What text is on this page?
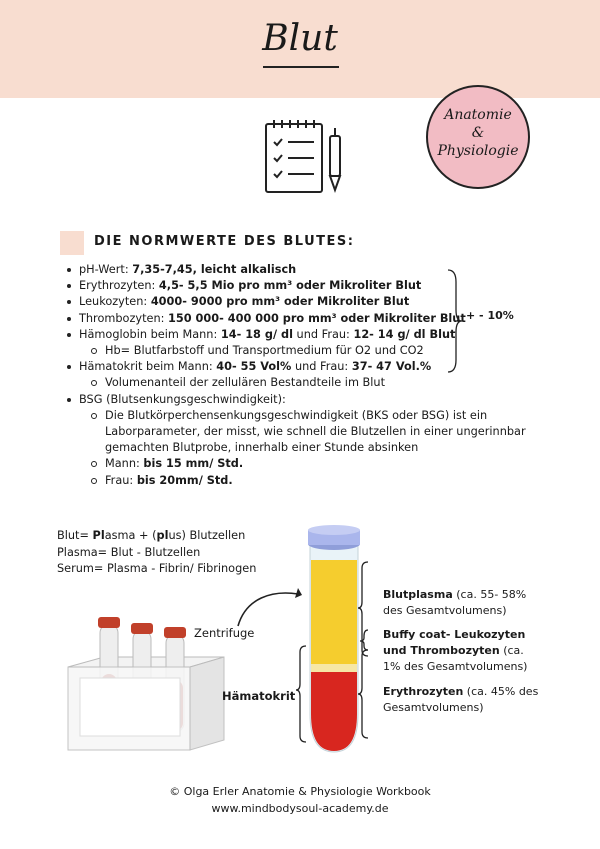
Blut
Anatomie
&
Physiologie
DIE NORMWERTE DES BLUTES:
pH-Wert: 7,35-7,45, leicht alkalisch
Erythrozyten: 4,5- 5,5 Mio pro mm³ oder Mikroliter Blut
Leukozyten: 4000- 9000 pro mm³ oder Mikroliter Blut
Thrombozyten: 150 000- 400 000 pro mm³ oder Mikroliter Blut
Hämoglobin beim Mann: 14- 18 g/ dl und Frau: 12- 14 g/ dl Blut
Hb= Blutfarbstoff und Transportmedium für O2 und CO2
Hämatokrit beim Mann: 40- 55 Vol% und Frau: 37- 47 Vol.%
Volumenanteil der zellulären Bestandteile im Blut
BSG (Blutsenkungsgeschwindigkeit):
Die Blutkörperchensenkungsgeschwindigkeit (BKS oder BSG) ist ein Laborparameter, der misst, wie schnell die Blutzellen in einer ungerinnbar gemachten Blutprobe, innerhalb einer Stunde absinken
Mann: bis 15 mm/ Std.
Frau: bis 20mm/ Std.
+ - 10%
Blut= Plasma + (plus) Blutzellen
Plasma= Blut - Blutzellen
Serum= Plasma - Fibrin/ Fibrinogen
Zentrifuge
Hämatokrit
Blutplasma (ca. 55- 58% des Gesamtvolumens)
Buffy coat- Leukozyten und Thrombozyten (ca. 1% des Gesamtvolumens)
Erythrozyten (ca. 45% des Gesamtvolumens)
© Olga Erler Anatomie & Physiologie Workbook
www.mindbodysoul-academy.de
